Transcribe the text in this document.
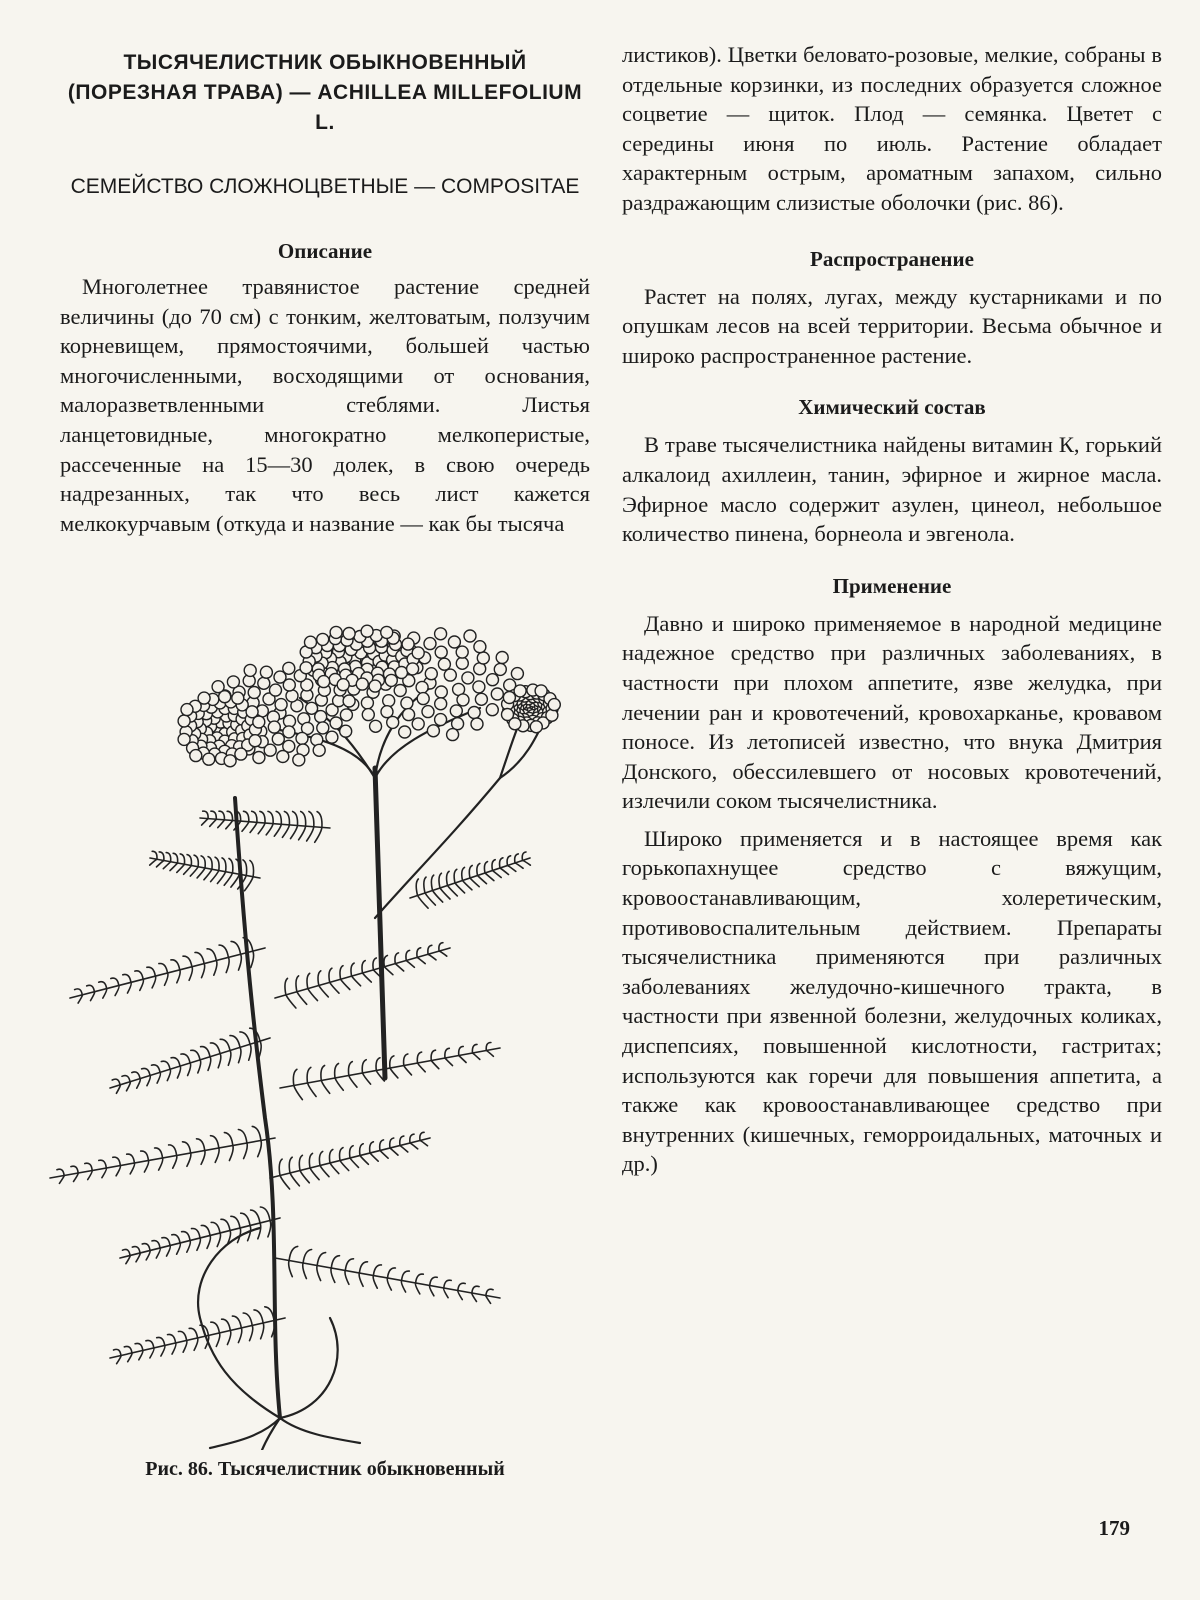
ТЫСЯЧЕЛИСТНИК ОБЫКНОВЕННЫЙ (ПОРЕЗНАЯ ТРАВА) — ACHILLEA MILLEFOLIUM L.
СЕМЕЙСТВО СЛОЖНОЦВЕТНЫЕ — COMPOSITAE
Описание

Многолетнее травянистое растение средней величины (до 70 см) с тонким, желтоватым, ползучим корневищем, прямостоячими, большей частью многочисленными, восходящими от основания, малоразветвленными стеблями. Листья ланцетовидные, многократно мелкоперистые, рассеченные на 15—30 долек, в свою очередь надрезанных, так что весь лист кажется мелкокурчавым (откуда и название — как бы тысяча

Рис. 86. Тысячелистник обыкновенный

листиков). Цветки беловато-розовые, мелкие, собраны в отдельные корзинки, из последних образуется сложное соцветие — щиток. Плод — семянка. Цветет с середины июня по июль. Растение обладает характерным острым, ароматным запахом, сильно раздражающим слизистые оболочки (рис. 86).

Распространение

Растет на полях, лугах, между кустарниками и по опушкам лесов на всей территории. Весьма обычное и широко распространенное растение.

Химический состав

В траве тысячелистника найдены витамин К, горький алкалоид ахиллеин, танин, эфирное и жирное масла. Эфирное масло содержит азулен, цинеол, небольшое количество пинена, борнеола и эвгенола.

Применение

Давно и широко применяемое в народной медицине надежное средство при различных заболеваниях, в частности при плохом аппетите, язве желудка, при лечении ран и кровотечений, кровохарканье, кровавом поносе. Из летописей известно, что внука Дмитрия Донского, обессилевшего от носовых кровотечений, излечили соком тысячелистника.

Широко применяется и в настоящее время как горькопахнущее средство с вяжущим, кровоостанавливающим, холеретическим, противовоспалительным действием. Препараты тысячелистника применяются при различных заболеваниях желудочно-кишечного тракта, в частности при язвенной болезни, желудочных коликах, диспепсиях, повышенной кислотности, гастритах; используются как горечи для повышения аппетита, а также как кровоостанавливающее средство при внутренних (кишечных, геморроидальных, маточных и др.)

179
